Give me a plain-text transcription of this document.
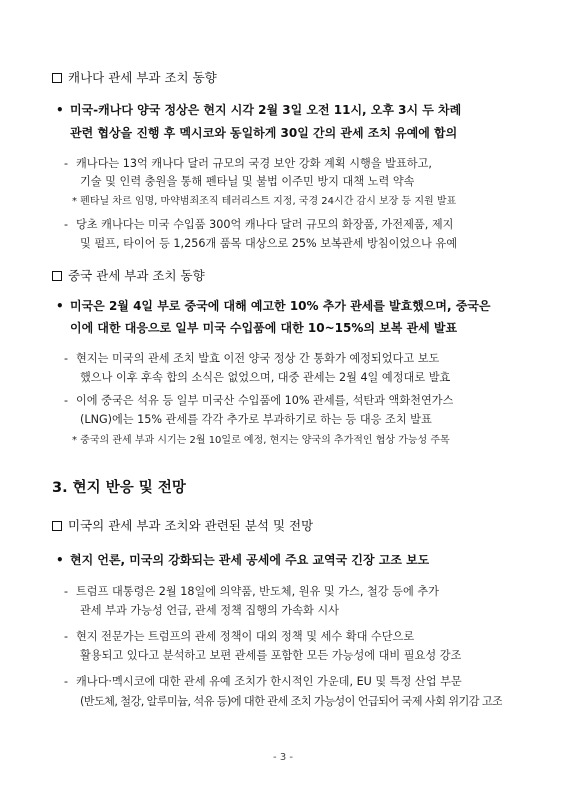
캐나다 관세 부과 조치 동향
• 미국-캐나다 양국 정상은 현지 시각 2월 3일 오전 11시, 오후 3시 두 차례
관련 협상을 진행 후 멕시코와 동일하게 30일 간의 관세 조치 유예에 합의
- 캐나다는 13억 캐나다 달러 규모의 국경 보안 강화 계획 시행을 발표하고,
기술 및 인력 충원을 통해 펜타닐 및 불법 이주민 방지 대책 노력 약속
* 펜타닐 차르 임명, 마약범죄조직 테러리스트 지정, 국경 24시간 감시 보장 등 지원 발표
- 당초 캐나다는 미국 수입품 300억 캐나다 달러 규모의 화장품, 가전제품, 제지
및 펄프, 타이어 등 1,256개 품목 대상으로 25% 보복관세 방침이었으나 유예
중국 관세 부과 조치 동향
• 미국은 2월 4일 부로 중국에 대해 예고한 10% 추가 관세를 발효했으며, 중국은
이에 대한 대응으로 일부 미국 수입품에 대한 10~15%의 보복 관세 발표
- 현지는 미국의 관세 조치 발효 이전 양국 정상 간 통화가 예정되었다고 보도
했으나 이후 후속 합의 소식은 없었으며, 대중 관세는 2월 4일 예정대로 발효
- 이에 중국은 석유 등 일부 미국산 수입품에 10% 관세를, 석탄과 액화천연가스
(LNG)에는 15% 관세를 각각 추가로 부과하기로 하는 등 대응 조치 발표
* 중국의 관세 부과 시기는 2월 10일로 예정, 현지는 양국의 추가적인 협상 가능성 주목
3. 현지 반응 및 전망
미국의 관세 부과 조치와 관련된 분석 및 전망
• 현지 언론, 미국의 강화되는 관세 공세에 주요 교역국 긴장 고조 보도
- 트럼프 대통령은 2월 18일에 의약품, 반도체, 원유 및 가스, 철강 등에 추가
관세 부과 가능성 언급, 관세 정책 집행의 가속화 시사
- 현지 전문가는 트럼프의 관세 정책이 대외 정책 및 세수 확대 수단으로
활용되고 있다고 분석하고 보편 관세를 포함한 모든 가능성에 대비 필요성 강조
- 캐나다·멕시코에 대한 관세 유예 조치가 한시적인 가운데, EU 및 특정 산업 부문
(반도체, 철강, 알루미늄, 석유 등)에 대한 관세 조치 가능성이 언급되어 국제 사회 위기감 고조
- 3 -
